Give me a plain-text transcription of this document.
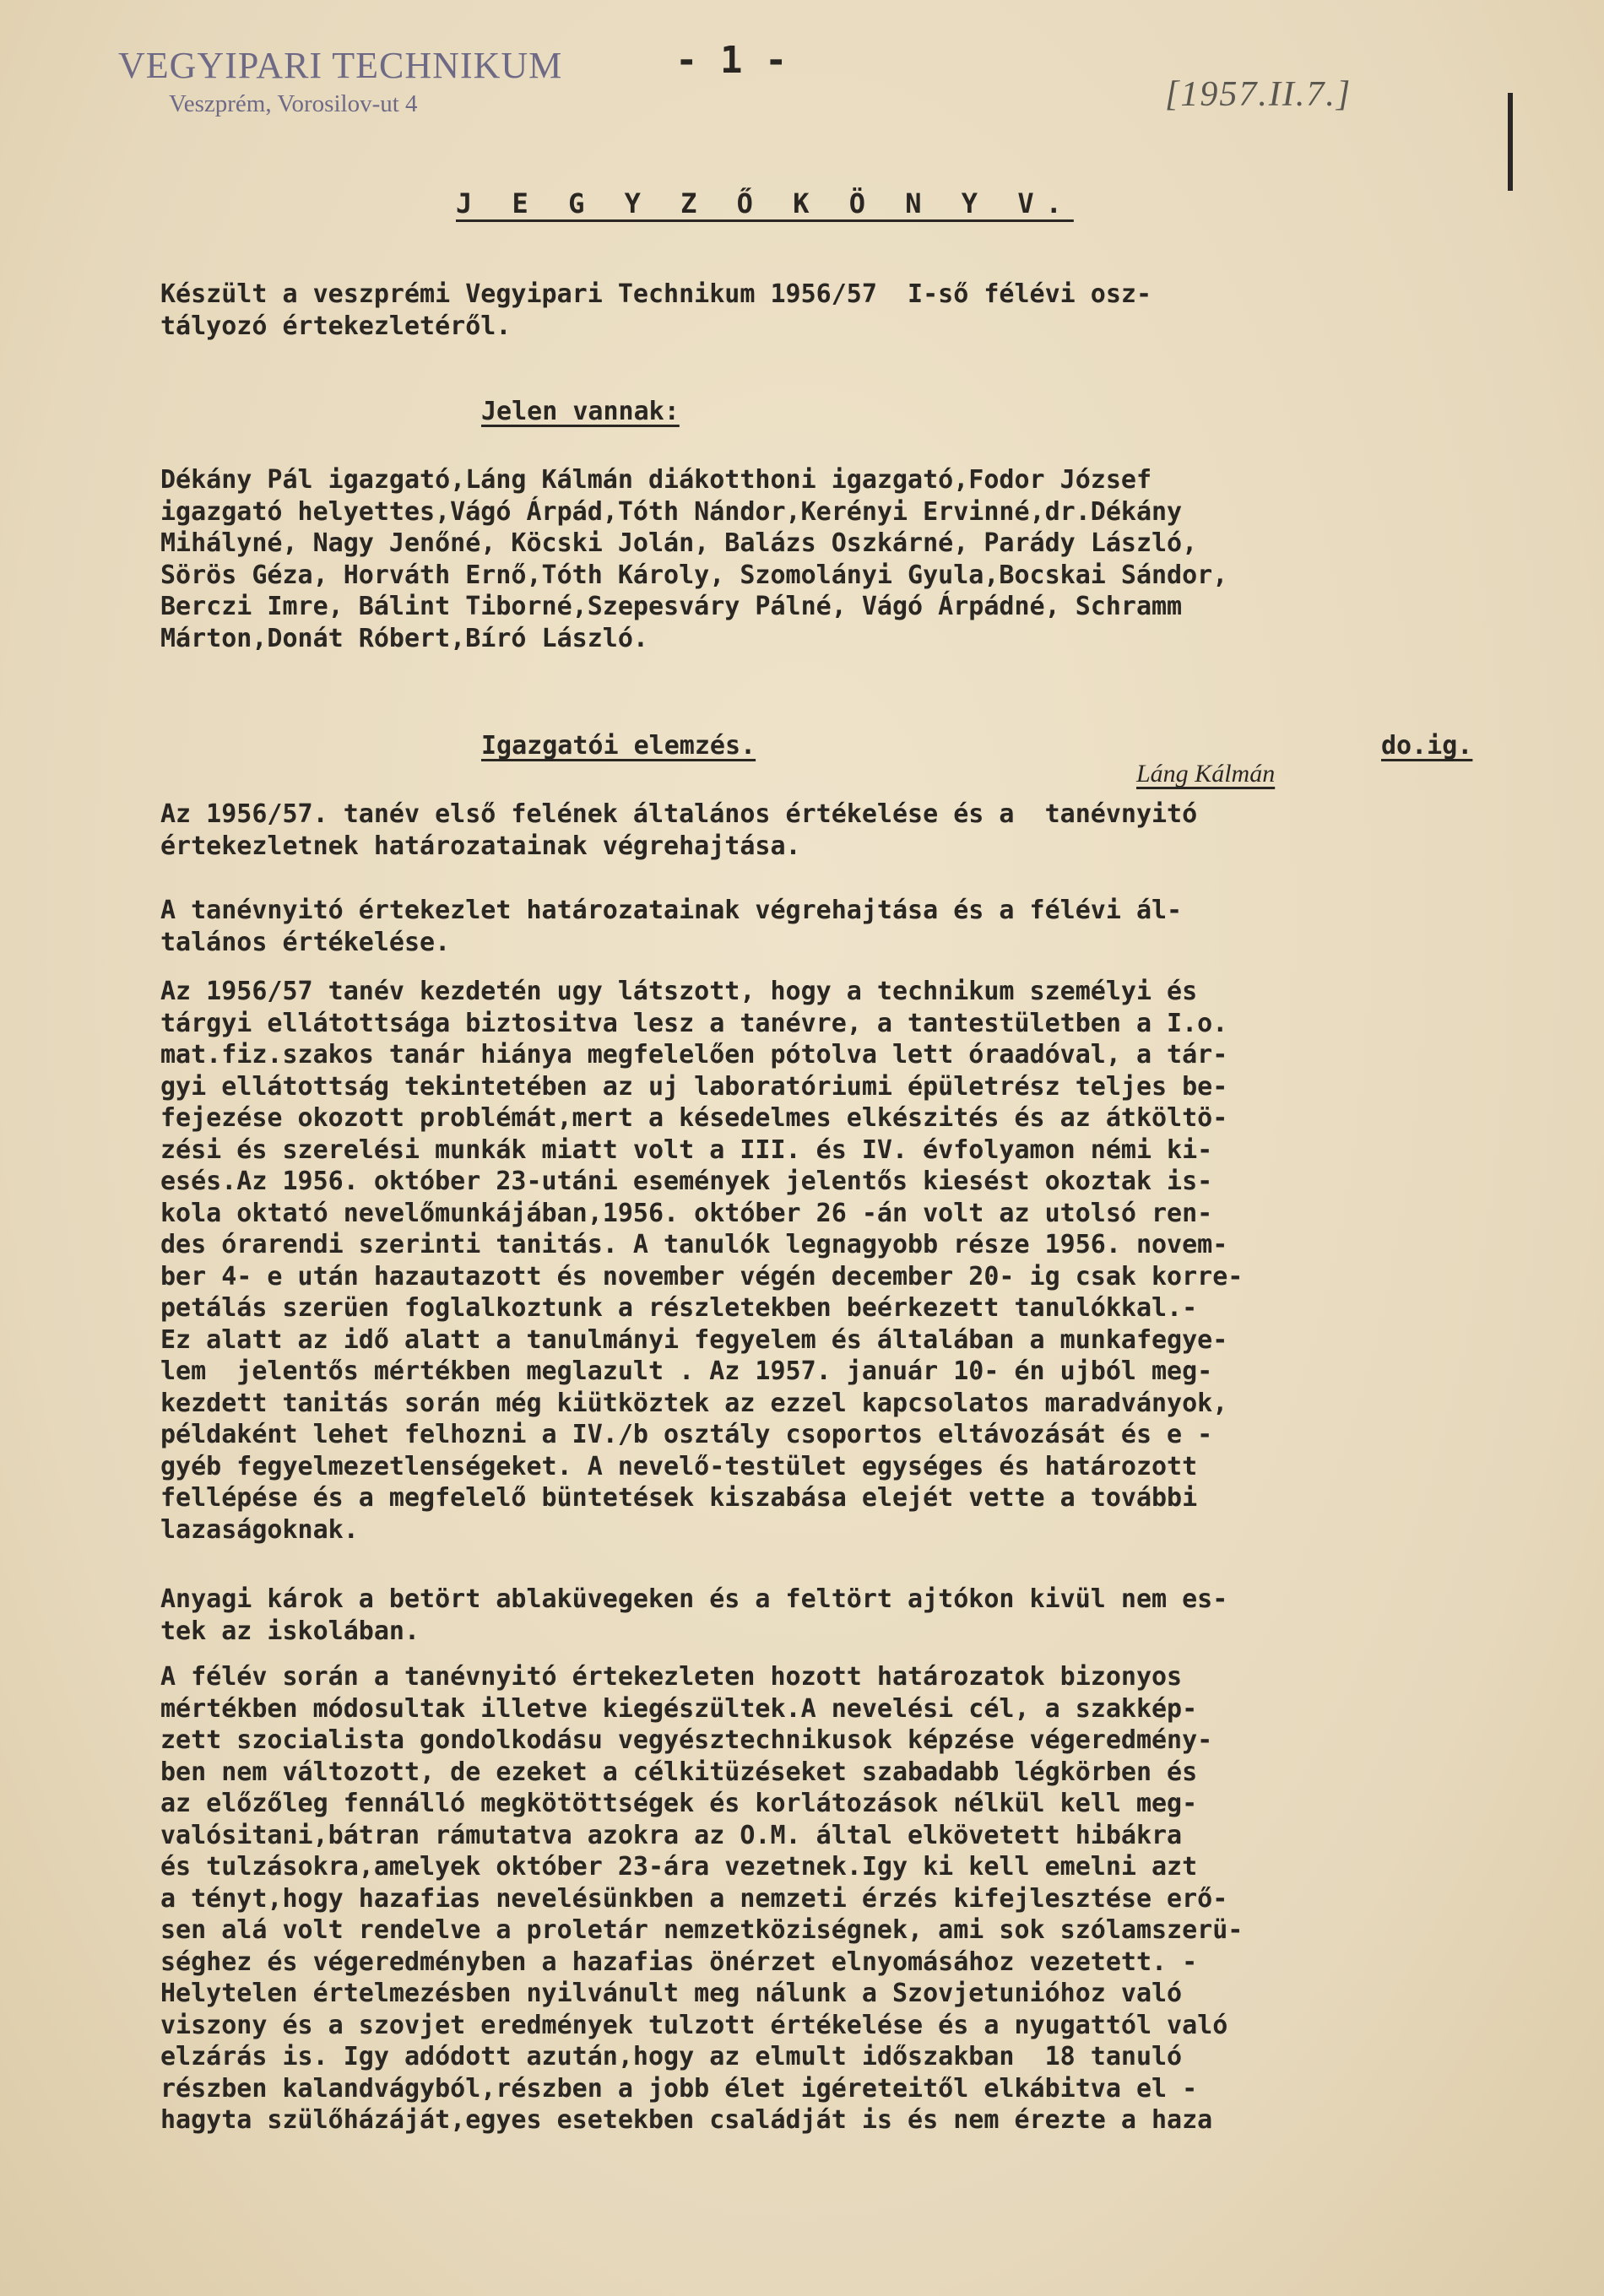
VEGYIPARI TECHNIKUM
Veszprém, Vorosilov-ut 4
- 1 -
[1957.II.7.]
J E G Y Z Ő K Ö N Y V.
Készült a veszprémi Vegyipari Technikum 1956/57  I-ső félévi osz-
tályozó értekezletéről.
Jelen vannak:
Dékány Pál igazgató,Láng Kálmán diákotthoni igazgató,Fodor József
igazgató helyettes,Vágó Árpád,Tóth Nándor,Kerényi Ervinné,dr.Dékány
Mihályné, Nagy Jenőné, Köcski Jolán, Balázs Oszkárné, Parády László,
Sörös Géza, Horváth Ernő,Tóth Károly, Szomolányi Gyula,Bocskai Sándor,
Berczi Imre, Bálint Tiborné,Szepesváry Pálné, Vágó Árpádné, Schramm
Márton,Donát Róbert,Bíró László.
Igazgatói elemzés.	do.ig.
Láng Kálmán
Az 1956/57. tanév első felének általános értékelése és a  tanévnyitó
értekezletnek határozatainak végrehajtása.
A tanévnyitó értekezlet határozatainak végrehajtása és a félévi ál-
talános értékelése.
Az 1956/57 tanév kezdetén ugy látszott, hogy a technikum személyi és
tárgyi ellátottsága biztositva lesz a tanévre, a tantestületben a I.o.
mat.fiz.szakos tanár hiánya megfelelően pótolva lett óraadóval, a tár-
gyi ellátottság tekintetében az uj laboratóriumi épületrész teljes be-
fejezése okozott problémát,mert a késedelmes elkészités és az átköltö-
zési és szerelési munkák miatt volt a III. és IV. évfolyamon némi ki-
esés.Az 1956. október 23-utáni események jelentős kiesést okoztak is-
kola oktató nevelőmunkájában,1956. október 26 -án volt az utolsó ren-
des órarendi szerinti tanitás. A tanulók legnagyobb része 1956. novem-
ber 4- e után hazautazott és november végén december 20- ig csak korre-
petálás szerüen foglalkoztunk a részletekben beérkezett tanulókkal.-
Ez alatt az idő alatt a tanulmányi fegyelem és általában a munkafegye-
lem  jelentős mértékben meglazult . Az 1957. január 10- én ujból meg-
kezdett tanitás során még kiütköztek az ezzel kapcsolatos maradványok,
példaként lehet felhozni a IV./b osztály csoportos eltávozását és e -
gyéb fegyelmezetlenségeket. A nevelő-testület egységes és határozott
fellépése és a megfelelő büntetések kiszabása elejét vette a további
lazaságoknak.
Anyagi károk a betört ablaküvegeken és a feltört ajtókon kivül nem es-
tek az iskolában.
A félév során a tanévnyitó értekezleten hozott határozatok bizonyos
mértékben módosultak illetve kiegészültek.A nevelési cél, a szakkép-
zett szocialista gondolkodásu vegyésztechnikusok képzése végeredmény-
ben nem változott, de ezeket a célkitüzéseket szabadabb légkörben és
az előzőleg fennálló megkötöttségek és korlátozások nélkül kell meg-
valósitani,bátran rámutatva azokra az O.M. által elkövetett hibákra
és tulzásokra,amelyek október 23-ára vezetnek.Igy ki kell emelni azt
a tényt,hogy hazafias nevelésünkben a nemzeti érzés kifejlesztése erő-
sen alá volt rendelve a proletár nemzetköziségnek, ami sok szólamszerü-
séghez és végeredményben a hazafias önérzet elnyomásához vezetett. -
Helytelen értelmezésben nyilvánult meg nálunk a Szovjetunióhoz való
viszony és a szovjet eredmények tulzott értékelése és a nyugattól való
elzárás is. Igy adódott azután,hogy az elmult időszakban  18 tanuló
részben kalandvágyból,részben a jobb élet igéreteitől elkábitva el -
hagyta szülőházáját,egyes esetekben családját is és nem érezte a haza
